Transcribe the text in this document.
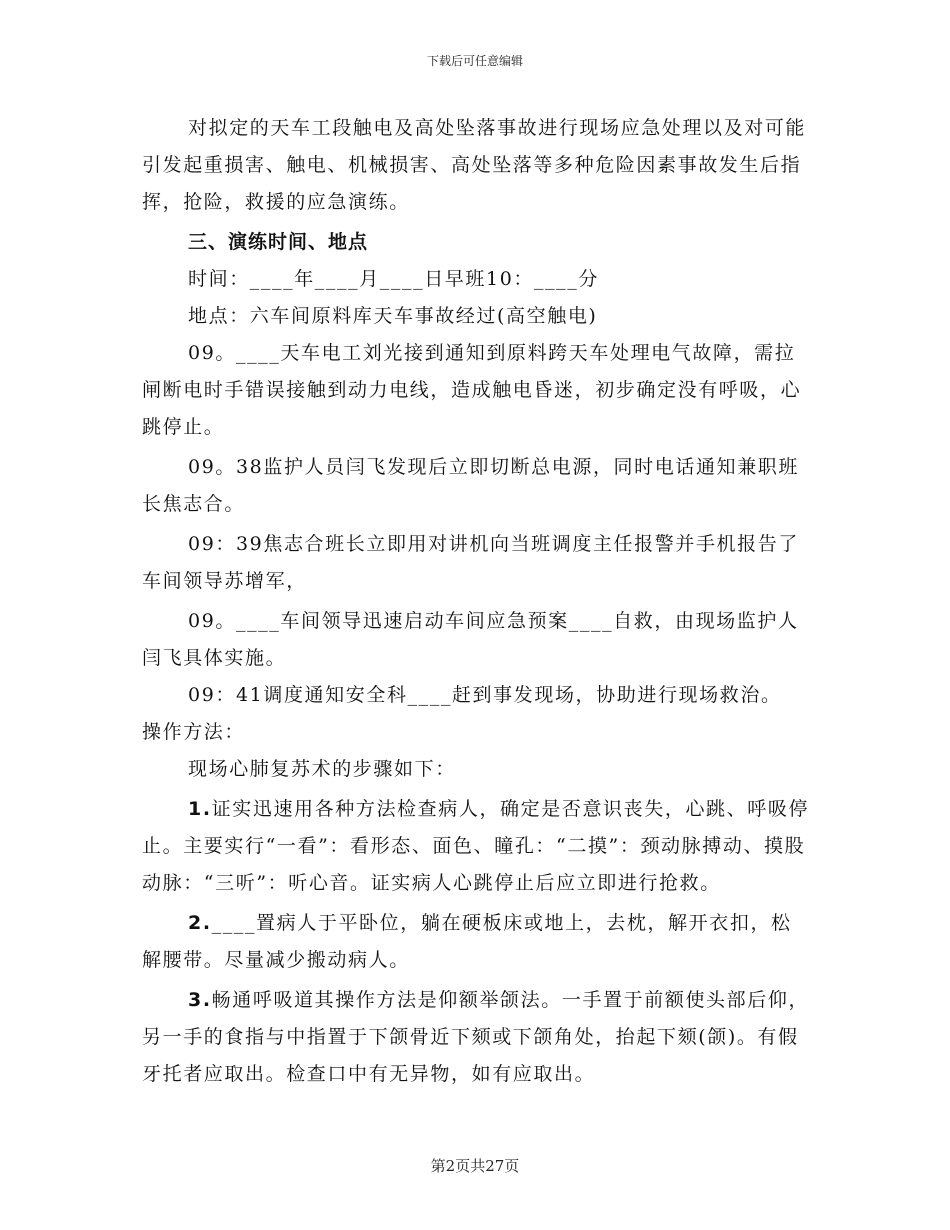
下载后可任意编辑

对拟定的天车工段触电及高处坠落事故进行现场应急处理以及对可能引发起重损害、触电、机械损害、高处坠落等多种危险因素事故发生后指挥，抢险，救援的应急演练。

三、演练时间、地点

时间：____年____月____日早班10：____分

地点：六车间原料库天车事故经过(高空触电)

09。____天车电工刘光接到通知到原料跨天车处理电气故障，需拉闸断电时手错误接触到动力电线，造成触电昏迷，初步确定没有呼吸，心跳停止。

09。38监护人员闫飞发现后立即切断总电源，同时电话通知兼职班长焦志合。

09：39焦志合班长立即用对讲机向当班调度主任报警并手机报告了车间领导苏增军，

09。____车间领导迅速启动车间应急预案____自救，由现场监护人闫飞具体实施。

09：41调度通知安全科____赶到事发现场，协助进行现场救治。

操作方法：

现场心肺复苏术的步骤如下：

1.证实迅速用各种方法检查病人，确定是否意识丧失，心跳、呼吸停止。主要实行“一看”：看形态、面色、瞳孔：“二摸”：颈动脉搏动、摸股动脉：“三听”：听心音。证实病人心跳停止后应立即进行抢救。

2.____置病人于平卧位，躺在硬板床或地上，去枕，解开衣扣，松解腰带。尽量减少搬动病人。

3.畅通呼吸道其操作方法是仰额举颌法。一手置于前额使头部后仰，另一手的食指与中指置于下颌骨近下颏或下颌角处，抬起下颏(颌)。有假牙托者应取出。检查口中有无异物，如有应取出。

第2页共27页
